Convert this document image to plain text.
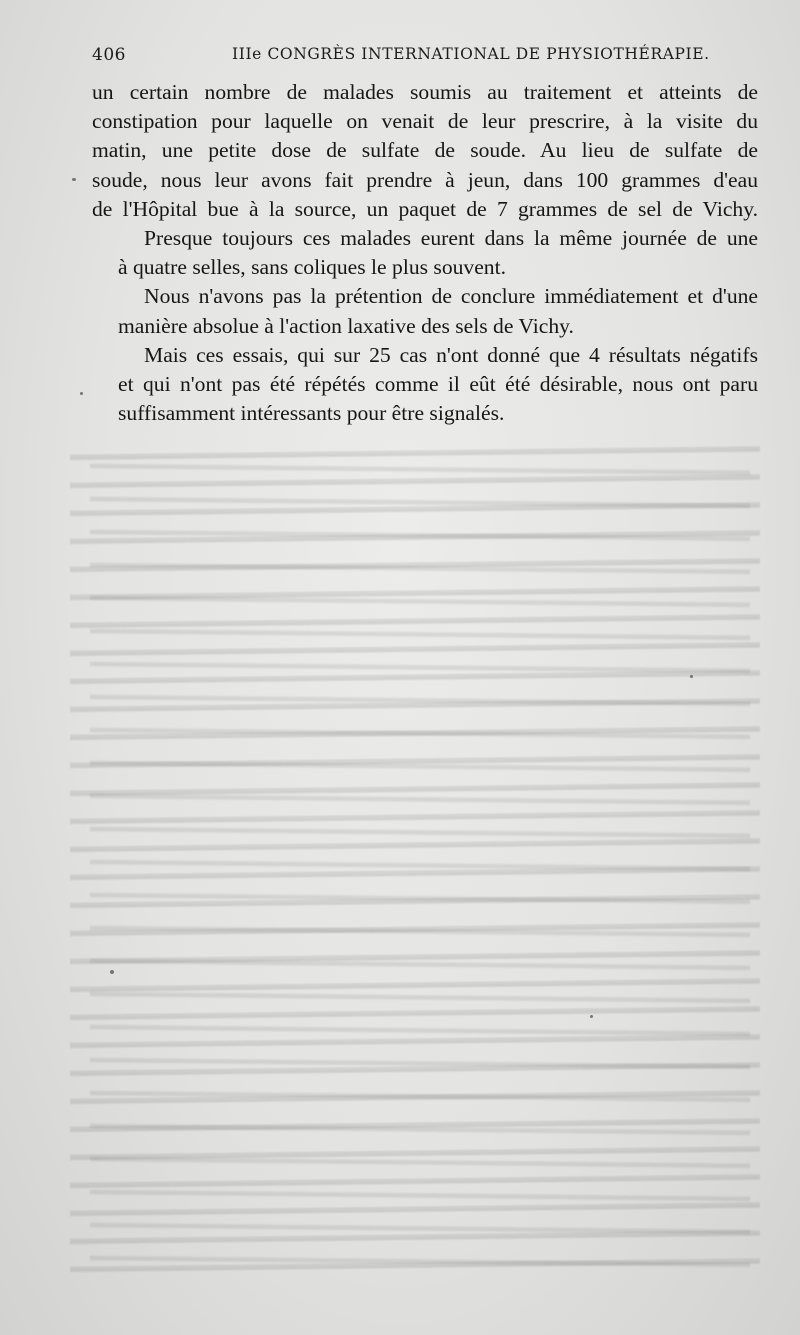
406	IIIe CONGRÈS INTERNATIONAL DE PHYSIOTHÉRAPIE.

un certain nombre de malades soumis au traitement et atteints de
constipation pour laquelle on venait de leur prescrire, à la visite du
matin, une petite dose de sulfate de soude. Au lieu de sulfate de
soude, nous leur avons fait prendre à jeun, dans 100 grammes d'eau
de l'Hôpital bue à la source, un paquet de 7 grammes de sel de Vichy.

Presque toujours ces malades eurent dans la même journée de une
à quatre selles, sans coliques le plus souvent.

Nous n'avons pas la prétention de conclure immédiatement et d'une
manière absolue à l'action laxative des sels de Vichy.

Mais ces essais, qui sur 25 cas n'ont donné que 4 résultats négatifs
et qui n'ont pas été répétés comme il eût été désirable, nous ont paru
suffisamment intéressants pour être signalés.
